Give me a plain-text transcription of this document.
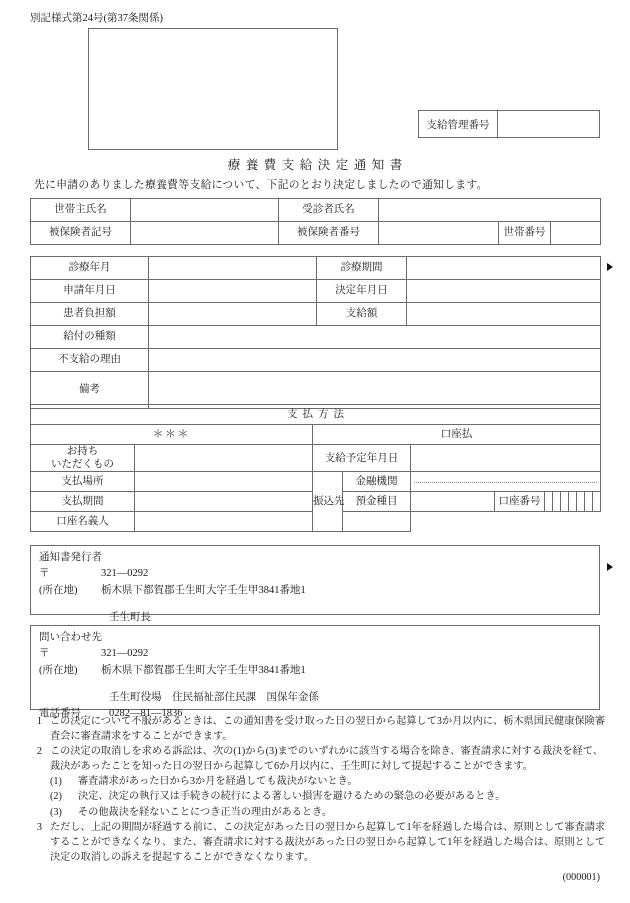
別記様式第24号(第37条関係)
支給管理番号
療養費支給決定通知書
先に申請のありました療養費等支給について、下記のとおり決定しましたので通知します。
世帯主氏名		受診者氏名			
被保険者記号		被保険者番号		世帯番号	
診療年月		診療期間	
申請年月日		決定年月日	
患者負担額		支給額	
給付の種類			
不支給の理由			
備考			
支払方法						
＊＊＊		口座払				
お持ち
いただくもの		支給予定年月日				

支払場所		振込先	金融機関			

支払期間			預金種目		口座番号	

口座名義人						
通知書発行者
〒	321—0292
(所在地) 栃木県下都賀郡壬生町大字壬生甲3841番地1
壬生町長
問い合わせ先
〒	321—0292
(所在地) 栃木県下都賀郡壬生町大字壬生甲3841番地1
壬生町役場　住民福祉部住民課　国保年金係
電話番号	0282—81—1836
1 この決定について不服があるときは、この通知書を受け取った日の翌日から起算して3か月以内に、栃木県国民健康保険審査会に審査請求をすることができます。
2 この決定の取消しを求める訴訟は、次の(1)から(3)までのいずれかに該当する場合を除き、審査請求に対する裁決を経て、裁決があったことを知った日の翌日から起算して6か月以内に、壬生町に対して提起することができます。
(1)	審査請求があった日から3か月を経過しても裁決がないとき。
(2)	決定、決定の執行又は手続きの続行による著しい損害を避けるための緊急の必要があるとき。
(3)	その他裁決を経ないことにつき正当の理由があるとき。
3 ただし、上記の期間が経過する前に、この決定があった日の翌日から起算して1年を経過した場合は、原則として審査請求することができなくなり、また、審査請求に対する裁決があった日の翌日から起算して1年を経過した場合は、原則として決定の取消しの訴えを提起することができなくなります。
(000001)
